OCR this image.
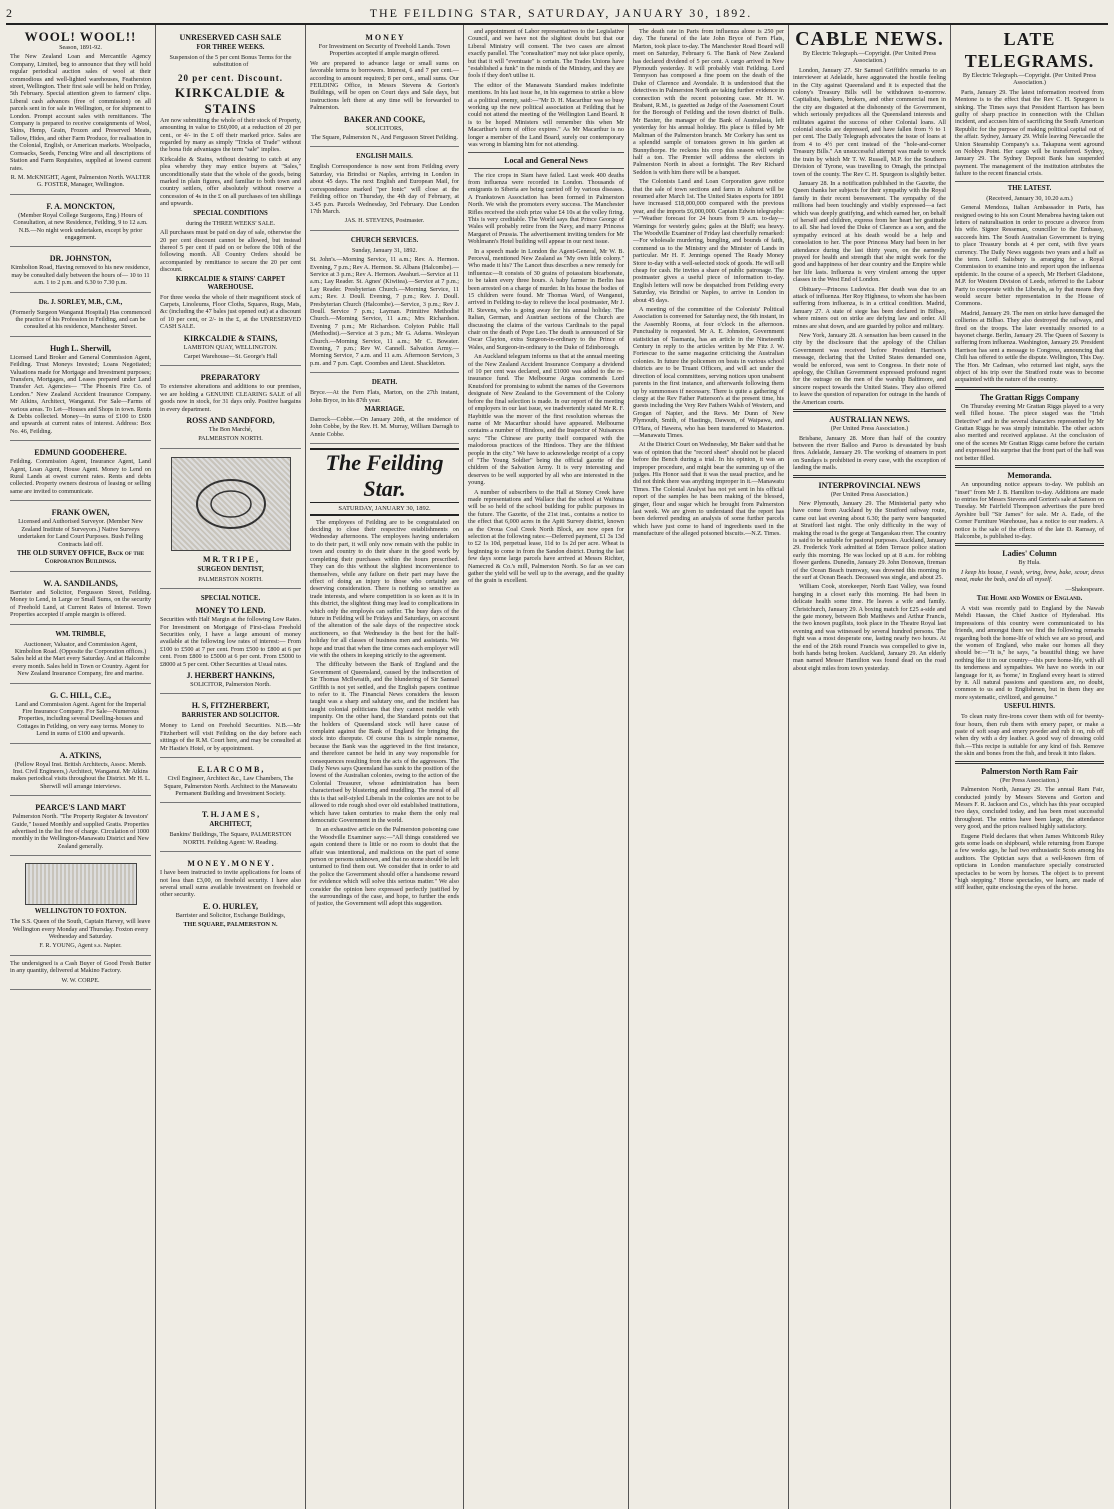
2	THE FEILDING STAR, SATURDAY, JANUARY 30, 1892.
WOOL! WOOL!!

Season, 1891-92.

The New Zealand Loan and Mercantile Agency Company, Limited, beg to announce that they will hold regular periodical auction sales of wool at their commodious and well-lighted warehouses, Featherston street, Wellington. Their first sale will be held on Friday, 5th February. Special attention given to farmers' clips. Liberal cash advances (free of commission) on all parcels sent in for sale in Wellington, or for shipment to London. Prompt account sales with remittances. The Company is prepared to receive consignments of Wool, Skins, Hemp, Grain, Frozen and Preserved Meats, Tallow, Hides, and other Farm Produce, for realisation in the Colonial, English, or American markets. Woolpacks, Cornsacks, Seeds, Fencing Wire and all descriptions of Station and Farm Requisites, supplied at lowest current rates.

R. M. McKNIGHT, Agent, Palmerston North. WALTER G. FOSTER, Manager, Wellington.

F. A. MONCKTON,

(Member Royal College Surgeons, Eng.) Hours of Consultation, at new Residence, Feilding, 9 to 12 a.m. N.B.—No night work undertaken, except by prior engagement.

DR. JOHNSTON,

Kimbolton Road, Having removed to his new residence, may be consulted daily between the hours of— 10 to 11 a.m. 1 to 2 p.m. and 6.30 to 7.30 p.m.

Dr. J. SORLEY, M.B., C.M.,

(Formerly Surgeon Wanganui Hospital) Has commenced the practice of his Profession in Feilding, and can be consulted at his residence, Manchester Street.

Hugh L. Sherwill,

Licensed Land Broker and General Commission Agent, Feilding. Trust Moneys Invested; Loans Negotiated; Valuations made for Mortgage and Investment purposes; Transfers, Mortgages, and Leases prepared under Land Transfer Act. Agencies— "The Phoenix Fire Co. of London." New Zealand Accident Insurance Company. Mr Atkins, Architect, Wanganui. For Sale—Farms of various areas. To Let—Houses and Shops in town. Rents & Debts collected. Money—In sums of £100 to £600 and upwards at current rates of interest. Address: Box No. 46, Feilding.

EDMUND GOODEHERE.

Feilding. Commission Agent, Insurance Agent, Land Agent, Loan Agent, House Agent. Money to Lend on Rural Lands at owest current rates. Rents and debts collected. Property owners desirous of leasing or selling same are invited to communicate.

FRANK OWEN,

Licensed and Authorised Surveyor. (Member New Zealand Institute of Surveyors.) Native Surveys undertaken for Land Court Purposes. Bush Felling Contracts laid off.

THE OLD SURVEY OFFICE, Back of the Corporation Buildings.
W. A. SANDILANDS,

Barrister and Solicitor, Fergusson Street, Feilding. Money to Lend, in Large or Small Sums, on the security of Freehold Land, at Current Rates of Interest. Town Properties accepted if ample margin is offered.

WM. TRIMBLE,

Auctioneer, Valuator, and Commission Agent, Kimbolton Road. (Opposite the Corporation offices.) Sales held at the Mart every Saturday. And at Halcombe every month. Sales held in Town or Country. Agent for New Zealand Insurance Company, fire and marine.

G. C. HILL, C.E.,

Land and Commission Agent. Agent for the Imperial Fire Insurance Company. For Sale—Numerous Properties, including several Dwelling-houses and Cottages in Feilding, on very easy terms. Money to Lend in sums of £100 and upwards.

A. ATKINS,

(Fellow Royal Inst. British Architects, Assoc. Memb. Inst. Civil Engineers,) Architect, Wanganui. Mr Atkins makes periodical visits throughout the District. Mr H. L. Sherwill will arrange interviews.

PEARCE'S LAND MART

Palmerston North. "The Property Register & Investors' Guide," Issued Monthly and supplied Gratis. Properties advertised in the list free of charge. Circulation of 1000 monthly in the Wellington-Manawatu District and New Zealand generally.

WELLINGTON TO FOXTON.

The S.S. Queen of the South, Captain Harvey, will leave Wellington every Monday and Thursday. Foxton every Wednesday and Saturday.

F. R. YOUNG, Agent s.s. Napier.

The undersigned is a Cash Buyer of Good Fresh Butter in any quantity, delivered at Makino Factory.

W. W. CORPE.

UNRESERVED CASH SALE
FOR THREE WEEKS.

Suspension of the 5 per cent Bonus Terms for the substitution of

20 per cent. Discount.
KIRKCALDIE & STAINS

Are now submitting the whole of their stock of Property, amounting in value to £60,000, at a reduction of 20 per cent., or 4/- in the £ off their marked price. Sales are regarded by many as simply "Tricks of Trade" without the bona fide advantages the term "sale" implies.

Kirkcaldie & Stains, without desiring to catch at any plea whereby they may entice buyers at "Sales," unconditionally state that the whole of the goods, being marked in plain figures, and familiar to both town and country settlers, offer absolutely without reserve a concession of 4s in the £ on all purchases of ten shillings and upwards.

SPECIAL CONDITIONS

during the THREE WEEKS' SALE.

All purchases must be paid on day of sale, otherwise the 20 per cent discount cannot be allowed, but instead thereof 5 per cent if paid on or before the 10th of the following month. All Country Orders should be accompanied by remittance to secure the 20 per cent discount.

KIRKCALDIE & STAINS' CARPET WAREHOUSE.

For three weeks the whole of their magnificent stock of Carpets, Linoleums, Floor Cloths, Squares, Rugs, Mats, &c (including the 47 bales just opened out) at a discount of 10 per cent, or 2/- in the £, at the UNRESERVED CASH SALE.

KIRKCALDIE & STAINS,

LAMBTON QUAY, WELLINGTON.

Carpet Warehouse—St. George's Hall

PREPARATORY

To extensive alterations and additions to our premises, we are holding a GENUINE CLEARING SALE of all goods now in stock, for 31 days only. Positive bargains in every department.

ROSS AND SANDFORD,

The Bon Marché,

PALMERSTON NORTH.

M R. T R I P E ,
SURGEON DENTIST,

PALMERSTON NORTH.

SPECIAL NOTICE.
MONEY TO LEND.

Securities with Half Margin at the following Low Rates. For Investment on Mortgage of First-class Freehold Securities only, I have a large amount of money available at the following low rates of interest:— From £100 to £500 at 7 per cent. From £500 to £800 at 6 per cent. From £800 to £5000 at 6 per cent. From £5000 to £8000 at 5 per cent. Other Securities at Usual rates.

J. HERBERT HANKINS,

SOLICITOR, Palmerston North.

H. S, FITZHERBERT,
BARRISTER AND SOLICITOR.

Money to Lend on Freehold Securities. N.B.—Mr Fitzherbert will visit Feilding on the day before each sittings of the R.M. Court here, and may be consulted at Mr Hastie's Hotel, or by appointment.

E. L A R C O M B ,

Civil Engineer, Architect &c., Law Chambers, The Square, Palmerston North. Architect to the Manawatu Permanent Building and Investment Society.

T. H. J A M E S ,
ARCHITECT,

Bankins' Buildings, The Square, PALMERSTON NORTH. Feilding Agent: W. Reading.

M O N E Y . M O N E Y .

I have been instructed to invite applications for loans of not less than £3,00, on freehold security. I have also several small sums available investment on freehold or other security.

E. O. HURLEY,

Barrister and Solicitor, Exchange Buildings,

THE SQUARE, PALMERSTON N.

M O N E Y

For Investment on Security of Freehold Lands. Town Properties accepted if ample margin offered.

We are prepared to advance large or small sums on favorable terms to borrowers. Interest, 6 and 7 per cent.—according to amount required; 8 per cent., small sums. Our FEILDING Office, in Messrs Stevens & Gorton's Buildings, will be open on Court days and Sale days, but instructions left there at any time will be forwarded to Palmerston.

BAKER AND COOKE,

SOLICITORS,

The Square, Palmerston N., And Fergusson Street Feilding.

ENGLISH MAILS.

English Correspondence is now sent from Feilding every Saturday, via Brindisi or Naples, arriving in London in about 45 days. The next English and European Mail, for correspondence marked "per Ionic" will close at the Feilding office on Thursday, the 4th day of February, at 3.45 p.m. Parcels Wednesday, 3rd February. Due London 17th March.

JAS. H. STEVENS, Postmaster.

CHURCH SERVICES.

Sunday, January 31, 1892.

St. John's.—Morning Service, 11 a.m.; Rev. A. Hermon. Evening, 7 p.m.; Rev A. Hermon. St. Albans (Halcombe).—Service at 3 p.m.; Rev A. Hermon. Awahuri.—Service at 11 a.m.; Lay Reader. St. Agnes' (Kiwitea).—Service at 7 p.m.; Lay Reader. Presbyterian Church.—Morning Service, 11 a.m.; Rev. J. Doull. Evening, 7 p.m.; Rev. J. Doull. Presbyterian Church (Halcombe).—Service, 3 p.m.; Rev J. Doull. Service 7 p.m.; Layman. Primitive Methodist Church.—Morning Service, 11 a.m.; Mrs Richardson. Evening 7 p.m.; Mr Richardson. Colyton Public Hall (Methodist).—Service at 3 p.m.; Mr G. Adams. Wesleyan Church.—Morning Service, 11 a.m.; Mr C. Bowater. Evening, 7 p.m.; Rev W. Cannell. Salvation Army.—Morning Service, 7 a.m. and 11 a.m. Afternoon Services, 3 p.m. and 7 p.m. Capt. Coombes and Lieut. Shackleton.

DEATH.

Bryce.—At the Fern Flats, Marton, on the 27th instant, John Bryce, in his 87th year.

MARRIAGE.

Darrock—Cobbe.—On January 20th, at the residence of John Cobbe, by the Rev. H. M. Murray, William Darragh to Annie Cobbe.

The Feilding Star.
SATURDAY, JANUARY 30, 1892.

The employees of Feilding are to be congratulated on deciding to close their respective establishments on Wednesday afternoons. The employees having undertaken to do their part, it will only now remain with the public in town and country to do their share in the good work by completing their purchases within the hours prescribed. They can do this without the slightest inconvenience to themselves, while any failure on their part may have the effect of doing an injury to those who certainly are deserving consideration. There is nothing so sensitive as trade interests, and where competition is so keen as it is in this district, the slightest thing may lead to complications in which only the employés can suffer. The busy days of the future in Feilding will be Fridays and Saturdays, on account of the alteration of the sale days of the respective stock auctioneers, so that Wednesday is the best for the half-holiday for all classes of business men and assistants. We hope and trust that when the time comes each employer will vie with the others in keeping strictly to the agreement.

The difficulty between the Bank of England and the Government of Queensland, caused by the indiscretion of Sir Thomas McIlwraith, and the blundering of Sir Samuel Griffith is not yet settled, and the English papers continue to refer to it. The Financial News considers the lesson taught was a sharp and salutary one, and the incident has taught colonial politicians that they cannot meddle with impunity. On the other hand, the Standard points out that the holders of Queensland stock will have cause of complaint against the Bank of England for bringing the stock into disrepute. Of course this is simple nonsense, because the Bank was the aggrieved in the first instance, and therefore cannot be held in any way responsible for consequences resulting from the acts of the aggressors. The Daily News says Queensland has sunk to the position of the lowest of the Australian colonies, owing to the action of the Colonial Treasurer, whose administration has been characterised by blustering and muddling. The moral of all this is that self-styled Liberals in the colonies are not to be allowed to ride rough shod over old established institutions, which have taken centuries to make them the only real democratic Government in the world.

In an exhaustive article on the Palmerston poisoning case the Woodville Examiner says:—"All things considered we again contend there is little or no room to doubt that the affair was intentional, and malicious on the part of some person or persons unknown, and that no stone should be left unturned to find them out. We consider that in order to aid the police the Government should offer a handsome reward for evidence which will solve this serious matter." We also consider the opinion here expressed perfectly justified by the surroundings of the case, and hope, to further the ends of justice, the Government will adopt this suggestion.

and appointment of Labor representatives to the Legislative Council, and we have not the slightest doubt but that our Liberal Ministry will consent. The two cases are almost exactly parallel. The "consultation" may not take place openly, but that it will "eventuate" is certain. The Trades Unions have "established a funk" in the minds of the Ministry, and they are fools if they don't utilise it.

The editor of the Manawatu Standard makes indefinite mentions. In his last issue he, in his eagerness to strike a blow at a political enemy, said:—"Mr D. H. Macarthur was so busy working up the new political association at Feilding that he could not attend the meeting of the Wellington Land Board. It is to be hoped Ministers will remember this when Mr Macarthur's term of office expires." As Mr Macarthur is no longer a member of the Land Board, surely our contemporary was wrong in blaming him for not attending.

Local and General News

The rice crops in Siam have failed. Last week 400 deaths from influenza were recorded in London. Thousands of emigrants to Siberia are being carried off by various diseases. A Frankstown Association has been formed in Palmerston North. We wish the promoters every success. The Manchester Rifles received the sixth prize value £4 10s at the volley firing. This is very creditable. The World says that Prince George of Wales will probably retire from the Navy, and marry Princess Margaret of Prussia. The advertisement inviting tenders for Mr Wohlmann's Hotel building will appear in our next issue.

In a speech made in London the Agent-General, Mr W. B. Perceval, mentioned New Zealand as "My own little colony." Who made it his? The Lancet thus describes a new remedy for influenza:—It consists of 30 grains of potassium bicarbonate, to be taken every three hours. A baby farmer in Berlin has been arrested on a charge of murder. In his house the bodies of 15 children were found. Mr Thomas Ward, of Wanganui, arrived in Feilding to-day to relieve the local postmaster, Mr J. H. Stevens, who is going away for his annual holiday. The Italian, German, and Austrian sections of the Church are discussing the claims of the various Cardinals to the papal chair on the death of Pope Leo. The death is announced of Sir Oscar Clayton, extra Surgeon-in-ordinary to the Prince of Wales, and Surgeon-in-ordinary to the Duke of Edinborough.

An Auckland telegram informs us that at the annual meeting of the New Zealand Accident Insurance Company a dividend of 10 per cent was declared, and £1000 was added to the re-insurance fund. The Melbourne Argus commends Lord Knutsford for promising to submit the names of the Governors designate of New Zealand to the Government of the Colony before the final selection is made. In our report of the meeting of employers in our last issue, we inadvertently stated Mr R. F. Haybittle was the mover of the first resolution whereas the name of Mr Macarthur should have appeared. Melbourne contains a number of Hindoos, and the Inspector of Nuisances says: "The Chinese are purity itself compared with the malodorous practices of the Hindoos. They are the filthiest people in the city." We have to acknowledge receipt of a copy of "The Young Soldier" being the official gazette of the children of the Salvation Army. It is very interesting and deserves to be well supported by all who are interested in the young.

A number of subscribers to the Hall at Stoney Creek have made representations and Wallace that the school at Waituna will be so held of the school building for public purposes in the future. The Gazette, of the 21st inst., contains a notice to the effect that 6,000 acres in the Apiti Survey district, known as the Oroua Coal Creek North Block, are now open for selection at the following rates:—Deferred payment, £1 3s 13d to £2 1s 10d, perpetual lease, 11d to 1s 2d per acre. Wheat is beginning to come in from the Sandon district. During the last few days some large parcels have arrived at Messrs Richter, Namecred & Co.'s mill, Palmerston North. So far as we can gather the yield will be well up to the average, and the quality of the grain is excellent.

The death rate in Paris from influenza alone is 250 per day. The funeral of the late John Bryce of Fern Flats, Marton, took place to-day. The Manchester Road Board will meet on Saturday, February 6. The Bank of New Zealand has declared dividend of 5 per cent. A cargo arrived in New Plymouth yesterday. It will probably visit Feilding. Lord Tennyson has composed a fine poem on the death of the Duke of Clarence and Avondale. It is understood that the detectives in Palmerston North are taking further evidence in connection with the recent poisoning case. Mr H. W. Brabant, R.M., is gazetted as Judge of the Assessment Court for the Borough of Feilding and the town district of Bulls. Mr Baxter, the manager of the Bank of Australasia, left yesterday for his annual holiday. His place is filled by Mr Maltman of the Palmerston branch. Mr Corkery has sent us a splendid sample of tomatoes grown in his garden at Bunnythorpe. He reckons his crop this season will weigh half a ton. The Premier will address the electors in Palmerston North in about a fortnight. The Rev Richard Seddon is with him there will be a banquet.

The Colonists Land and Loan Corporation gave notice that the sale of town sections and farm in Ashurst will be resumed after March 1st. The United States exports for 1891 have increased £18,000,000 compared with the previous year, and the imports £6,000,000. Captain Edwin telegraphs:—"Weather forecast for 24 hours from 9 a.m. to-day—Warnings for westerly gales; gales at the Bluff; sea heavy. The Woodville Examiner of Friday last cheerfully remarked:—For wholesale murdering, bungling, and bounds of faith, commend us to the Ministry and the Minister of Lands in particular. Mr H. F. Jennings opened The Ready Money Store to-day with a well-selected stock of goods. He will sell cheap for cash. He invites a share of public patronage. The postmaster gives a useful piece of information to-day. English letters will now be despatched from Feilding every Saturday, via Brindisi or Naples, to arrive in London in about 45 days.

A meeting of the committee of the Colonists' Political Association is convened for Saturday next, the 6th instant, in the Assembly Rooms, at four o'clock in the afternoon. Punctuality is requested. Mr A. E. Johnston, Government statistician of Tasmania, has an article in the Nineteenth Century in reply to the articles written by Mr Fitz J. W. Fortescue to the same magazine criticising the Australian colonies. In future the policemen on beats in various school districts are to be Truant Officers, and will act under the direction of local committees, serving notices upon unabsent parents in the first instance, and afterwards following them up by summonses if necessary. There is quite a gathering of clergy at the Rev Father Patterson's at the present time, his guests including the Very Rev Fathers Walsh of Western, and Grogan of Napier, and the Revs. Mr Dunn of New Plymouth, Smith, of Hastings, Dawson, of Waipawa, and O'Hara, of Hawera, who has been transferred to Masterton.—Manawatu Times.

At the District Court on Wednesday, Mr Baker said that he was of opinion that the "record sheet" should not be placed before the Bench during a trial. In his opinion, it was an improper procedure, and might bear the summing up of the judges. His Honor said that it was the usual practice, and he did not think there was anything improper in it.—Manawatu Times. The Colonial Analyst has not yet sent in his official report of the samples he has been making of the blessed, ginger, flour and sugar which he brought from Palmerston last week. We are given to understand that the report has been deferred pending an analysis of some further parcels which have just come to hand of ingredients used in the manufacture of the alleged poisoned biscuits.—N.Z. Times.

CABLE NEWS.

By Electric Telegraph.—Copyright. (Per United Press Association.)

London, January 27. Sir Samuel Griffith's remarks to an interviewer at Adelaide, have aggravated the hostile feeling in the City against Queensland and it is expected that the colony's Treasury Bills will be withdrawn to-morrow. Capitalists, bankers, brokers, and other commercial men in the city are disgusted at the dishonesty of the Government, which seriously prejudices all the Queensland interests and militates against the success of other Colonial loans. All colonial stocks are depressed, and have fallen from ½ to 1 per cent. The Daily Telegraph advocates the issue of loans at from 4 to 4½ per cent instead of the "hole-and-corner Treasury Bills." An unsuccessful attempt was made to wreck the train by which Mr T. W. Russell, M.P. for the Southern Division of Tyrone, was travelling to Omagh, the principal town of the county. The Rev C. H. Spurgeon is slightly better.

January 28. In a notification published in the Gazette, the Queen thanks her subjects for their sympathy with the Royal family in their recent bereavement. The sympathy of the millions had been touchingly and visibly expressed—a fact which was deeply gratifying, and which earned her, on behalf of herself and children, express from her heart her gratitude to all. She had loved the Duke of Clarence as a son, and the sympathy evinced at his death would be a help and consolation to her. The poor Princess Mary had been in her attendance during the last thirty years, on the earnestly prayed for health and strength that she might work for the good and happiness of her dear country and the Empire while her life lasts. Influenza is very virulent among the upper classes in the West End of London.

Obituary—Princess Ludovica. Her death was due to an attack of influenza. Her Roy Highness, to whom she has been suffering from influenza, is in a critical condition. Madrid, January 27. A state of siege has been declared in Bilbao, where miners out on strike are defying law and order. All mines are shut down, and are guarded by police and military.

New York, January 28. A sensation has been caused in the city by the disclosure that the apology of the Chilian Government was received before President Harrison's message, declaring that the United States demanded one, would be enforced, was sent to Congress. In their note of apology, the Chilian Government expressed profound regret for the outrage on the men of the warship Baltimore, and sincere respect towards the United States. They also offered to leave the question of reparation for outrage in the hands of the American courts.

AUSTRALIAN NEWS.

(Per United Press Association.)

Brisbane, January 28. More than half of the country between the river Balloo and Paroo is devastated by bush fires. Adelaide, January 29. The working of steamers in port on Sundays is prohibited in every case, with the exception of landing the mails.

INTERPROVINCIAL NEWS

(Per United Press Association.)

New Plymouth, January 29. The Ministerial party who have come from Auckland by the Stratford railway route, came out last evening about 6.30; the party were banqueted at Stratford last night. The only difficulty in the way of making the road is the gorge at Tangarakau river. The country is said to be suitable for pastoral purposes. Auckland, January 29. Frederick York admitted at Eden Terrace police station early this morning. He was locked up at 8 a.m. for robbing flower gardens. Dunedin, January 29. John Donovan, fireman of the Ocean Beach tramway, was drowned this morning in the surf at Ocean Beach. Deceased was single, and about 25.

William Cook, storekeeper, North East Valley, was found hanging in a closet early this morning. He had been in delicate health some time. He leaves a wife and family. Christchurch, January 29. A boxing match for £25 a-side and the gate money, between Bob Matthews and Arthur Francis, the two known pugilists, took place in the Theatre Royal last evening and was witnessed by several hundred persons. The fight was a most desperate one, lasting nearly two hours. At the end of the 26th round Francis was compelled to give in, both hands being broken. Auckland, January 29. An elderly man named Messer Hamilton was found dead on the road about eight miles from town yesterday.

LATE TELEGRAMS.

By Electric Telegraph.—Copyright. (Per United Press Association.)

Paris, January 29. The latest information received from Mentone is to the effect that the Rev C. H. Spurgeon is sinking. The Times says that President Harrison has been guilty of sharp practice in connection with the Chilian incident, and accuses him of sacrificing the South American Republic for the purpose of making political capital out of the affair. Sydney, January 29. While leaving Newcastle the Union Steamship Company's s.s. Takapuna went aground on Nobbys Point. Her cargo will be transferred. Sydney, January 29. The Sydney Deposit Bank has suspended payment. The management of the institution attributes the failure to the recent financial crisis.

THE LATEST.

(Received, January 30, 10.20 a.m.)

General Mendoza, Italian Ambassador in Paris, has resigned owing to his son Count Menabrea having taken out letters of naturalisation in order to procure a divorce from his wife. Signor Resseman, councillor to the Embassy, succeeds him. The South Australian Government is trying to place Treasury bonds at 4 per cent, with five years currency. The Daily News suggests two years and a half as the term. Lord Salisbury is arranging for a Royal Commission to examine into and report upon the influenza epidemic. In the course of a speech, Mr Herbert Gladstone, M.P. for Western Division of Leeds, referred to the Labour Party to cooperate with the Liberals, as by that means they would secure better representation in the House of Commons.

Madrid, January 29. The men on strike have damaged the collieries at Bilbao. They also destroyed the railways, and fired on the troops. The later eventually resorted to a bayonet charge. Berlin, January 29. The Queen of Saxony is suffering from influenza. Washington, January 29. President Harrison has sent a message to Congress, announcing that Chili has offered to settle the dispute. Wellington, This Day. The Hon. Mr Cadman, who returned last night, says the object of his trip over the Stratford route was to become acquainted with the nature of the country.

The Grattan Riggs Company

On Thursday evening Mr Grattan Riggs played to a very well filled house. The piece staged was the "Irish Detective" and in the several characters represented by Mr Grattan Riggs he was simply inimitable. The other actors also merited and received applause. At the conclusion of one of the scenes Mr Grattan Riggs came before the curtain and expressed his surprise that the front part of the hall was not better filled.

Memoranda.

An unpounding notice appears to-day. We publish an "inset" from Mr J. B. Hamilton to-day. Additions are made to entries for Messrs Stevens and Gorton's sale at Sanson on Tuesday. Mr Fairfield Thompson advertises the pure bred Ayrshire bull "Sir James" for sale. Mr A. Eade, of the Corner Furniture Warehouse, has a notice to our readers. A notice is the sale of the effects of the late D. Ramsay, of Halcombe, is published to-day.

Ladies' Column

By Hula.

I keep his house, I wash, wring, brew, bake, scour, dress meat, make the beds, and do all myself.

—Shakespeare.

The Home and Women of England.

A visit was recently paid to England by the Nawab Mehdi Hassan, the Chief Justice of Hyderabad. His impressions of this country were communicated to his friends, and amongst them we find the following remarks regarding both the home-life of which we are so proud, and the women of England, who make our homes all they should be:—"It is," he says, "a beautiful thing; we have nothing like it in our country—this pure home-life, with all its tenderness and sympathies. We have no words in our language for it, as 'home,' in England every heart is stirred by it. All natural passions and questions are, no doubt, common to us and to Englishmen, but in them they are more systematic, civilized, and genuine."

USEFUL HINTS.

To clean rusty fire-irons cover them with oil for twenty-four hours, then rub them with emery paper, or make a paste of soft soap and emery powder and rub it on, rub off when dry with a dry leather. A good way of dressing cold fish.—This recipe is suitable for any kind of fish. Remove the skin and bones from the fish, and break it into flakes.

Palmerston North Ram Fair

(Per Press Association.)

Palmerston North, January 29. The annual Ram Fair, conducted jointly by Messrs Stevens and Gorton and Messrs F. R. Jackson and Co., which has this year occupied two days, concluded today, and has been most successful throughout. The entries have been large, the attendance very good, and the prices realised highly satisfactory.

Eugene Field declares that when James Whitcomb Riley gets some loads on shipboard, while returning from Europe a few weeks ago, he had two enthusiastic Scots among his auditors. The Optician says that a well-known firm of opticians in London manufacture specially constructed spectacles to be worn by horses. The object is to prevent "high stepping." Horse spectacles, we learn, are made of stiff leather, quite enclosing the eyes of the horse.
